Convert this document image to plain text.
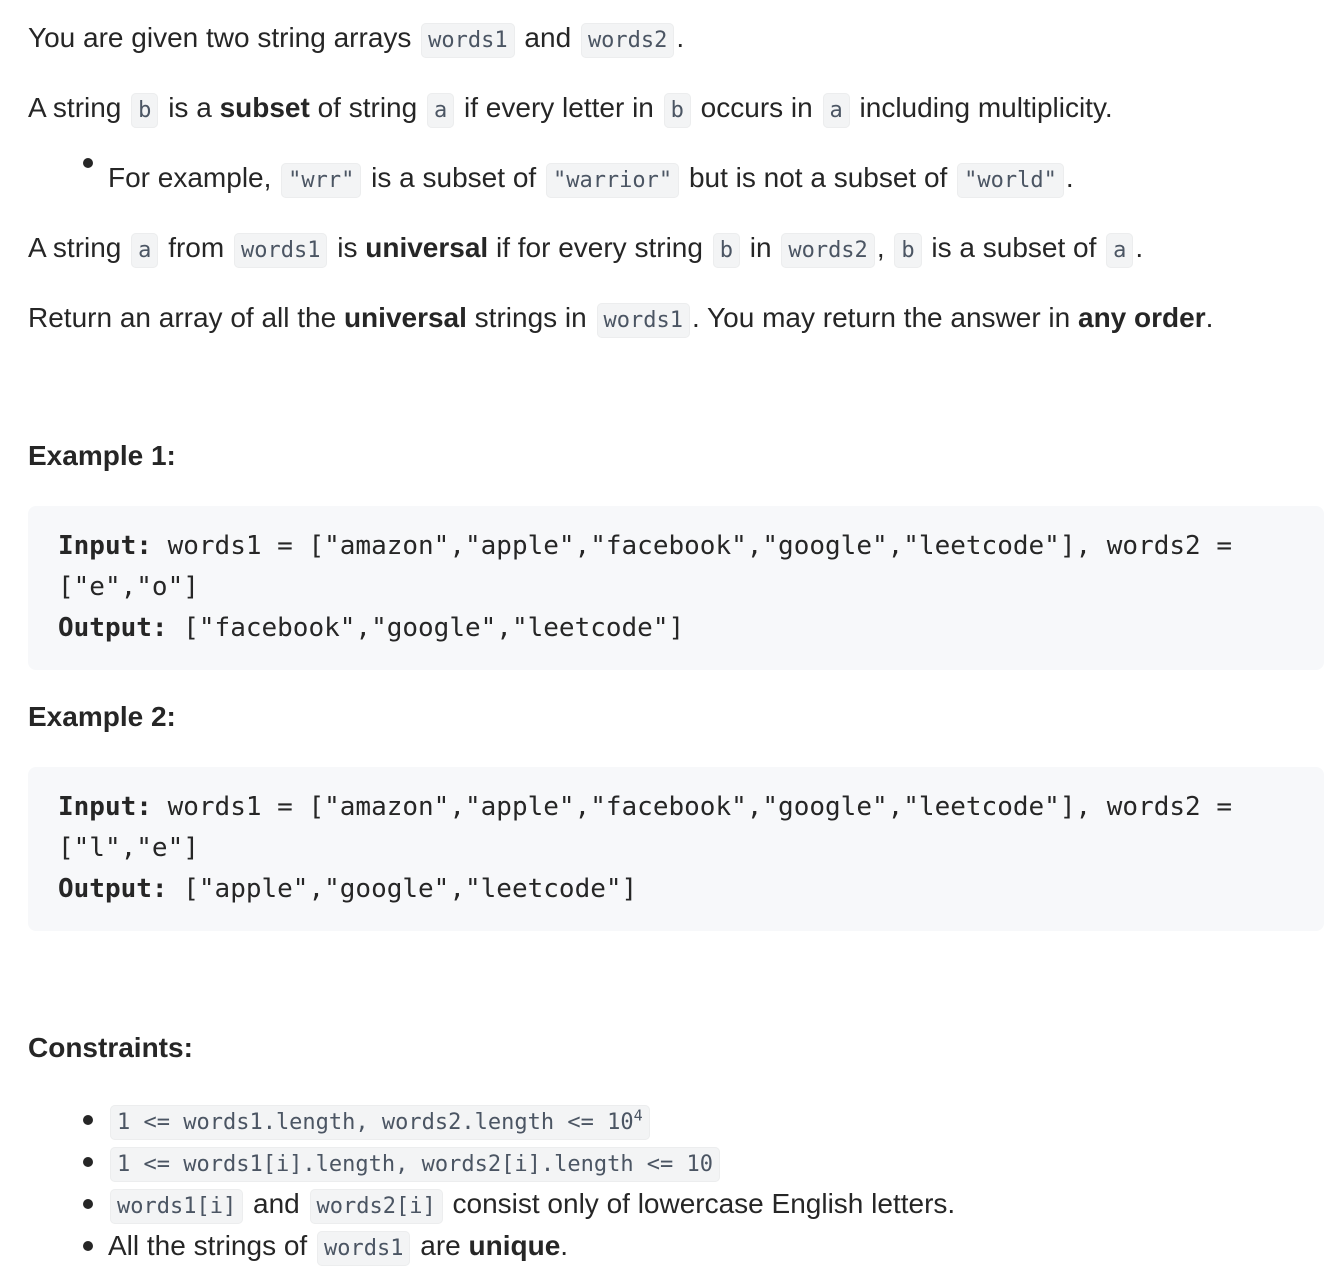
You are given two string arrays words1 and words2 .

A string b is a subset of string a if every letter in b occurs in a including multiplicity.

For example, "wrr" is a subset of "warrior" but is not a subset of "world" .

A string a from words1 is universal if for every string b in words2 , b is a subset of a .

Return an array of all the universal strings in words1 . You may return the answer in any order.

Example 1:
Input: words1 = ["amazon","apple","facebook","google","leetcode"], words2 =
["e","o"]
Output: ["facebook","google","leetcode"]
Example 2:
Input: words1 = ["amazon","apple","facebook","google","leetcode"], words2 =
["l","e"]
Output: ["apple","google","leetcode"]
Constraints:
1 <= words1.length, words2.length <= $10^4$
1 <= words1[i].length, words2[i].length <= 10
words1[i] and words2[i] consist only of lowercase English letters.
All the strings of words1 are unique.
